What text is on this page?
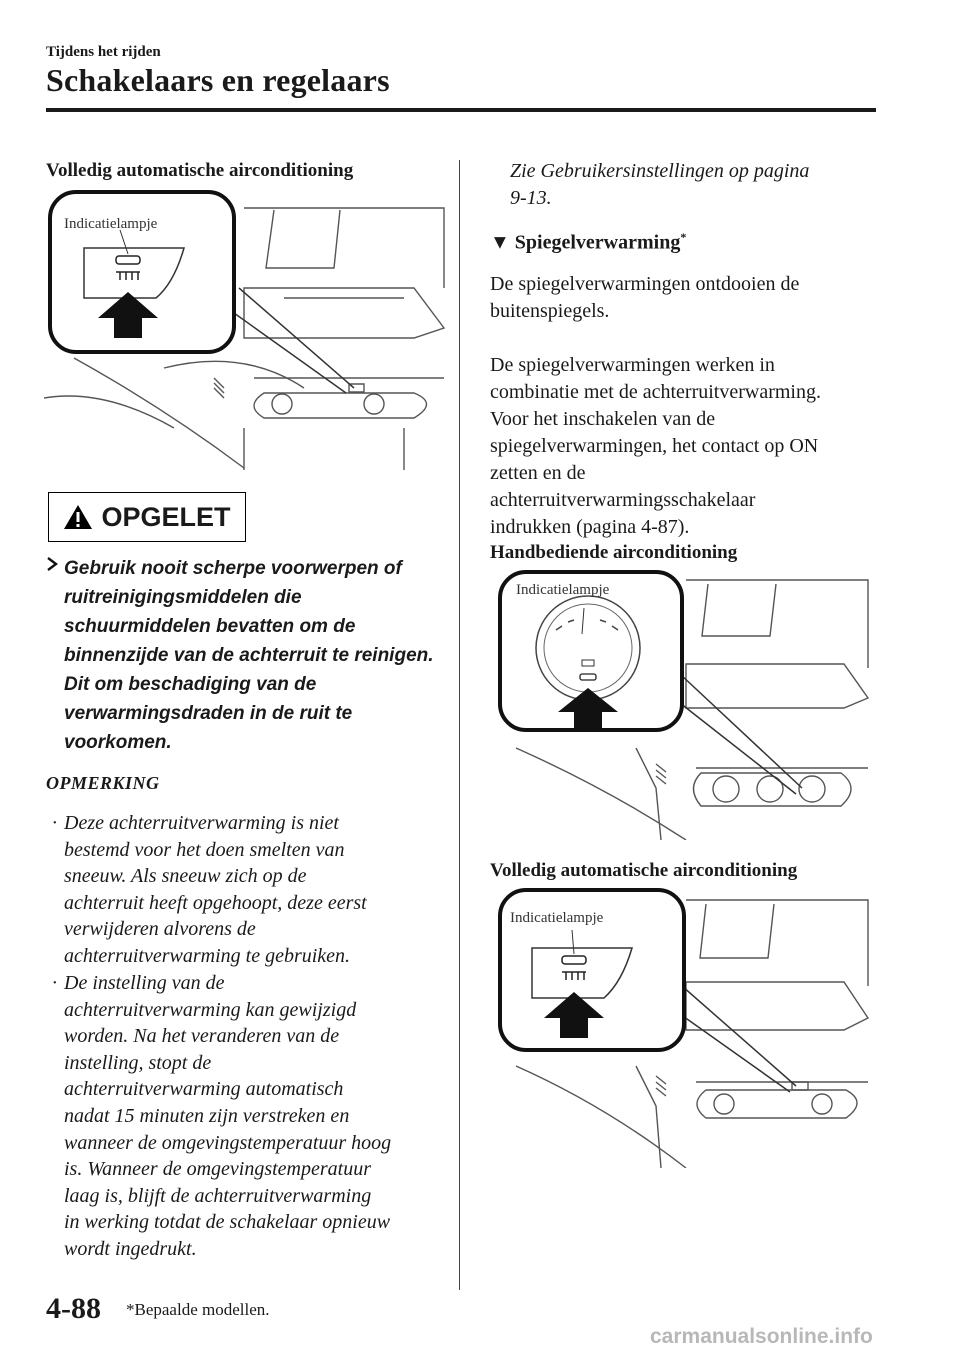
Tijdens het rijden
Schakelaars en regelaars
Volledig automatische airconditioning
Indicatielampje
OPGELET
Gebruik nooit scherpe voorwerpen of
ruitreinigingsmiddelen die
schuurmiddelen bevatten om de
binnenzijde van de achterruit te reinigen.
Dit om beschadiging van de
verwarmingsdraden in de ruit te
voorkomen.
OPMERKING
· Deze achterruitverwarming is niet
bestemd voor het doen smelten van
sneeuw. Als sneeuw zich op de
achterruit heeft opgehoopt, deze eerst
verwijderen alvorens de
achterruitverwarming te gebruiken.
· De instelling van de
achterruitverwarming kan gewijzigd
worden. Na het veranderen van de
instelling, stopt de
achterruitverwarming automatisch
nadat 15 minuten zijn verstreken en
wanneer de omgevingstemperatuur hoog
is. Wanneer de omgevingstemperatuur
laag is, blijft de achterruitverwarming
in werking totdat de schakelaar opnieuw
wordt ingedrukt.
Zie Gebruikersinstellingen op pagina
9-13.
▼ Spiegelverwarming*
De spiegelverwarmingen ontdooien de
buitenspiegels.
De spiegelverwarmingen werken in
combinatie met de achterruitverwarming.
Voor het inschakelen van de
spiegelverwarmingen, het contact op ON
zetten en de
achterruitverwarmingsschakelaar
indrukken (pagina 4-87).
Handbediende airconditioning
Indicatielampje
Volledig automatische airconditioning
Indicatielampje
4-88 *Bepaalde modellen.
carmanualsonline.info
